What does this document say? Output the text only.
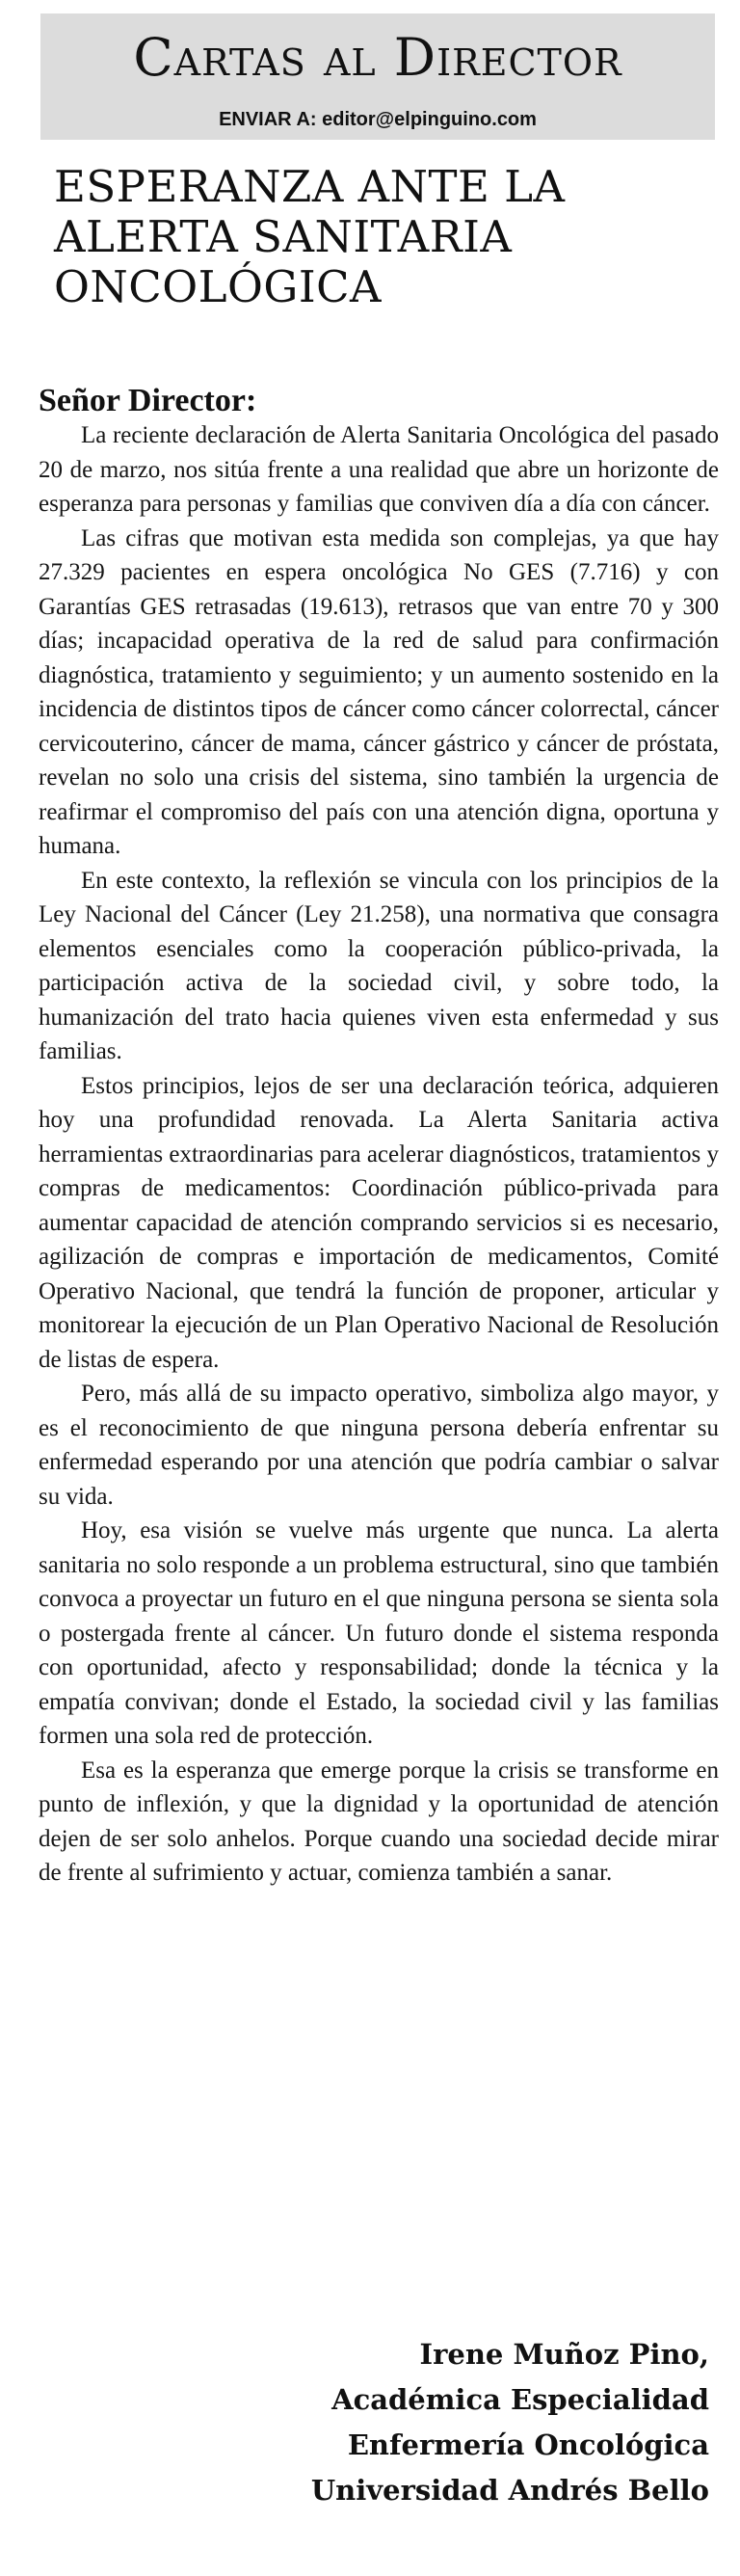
Cartas al Director
ENVIAR A: editor@elpinguino.com
ESPERANZA ANTE LA
ALERTA SANITARIA
ONCOLÓGICA
Señor Director:

La reciente declaración de Alerta Sanitaria Oncológica del pasado 20 de marzo, nos sitúa frente a una realidad que abre un horizonte de esperanza para personas y familias que conviven día a día con cáncer.

Las cifras que motivan esta medida son complejas, ya que hay 27.329 pacientes en espera oncológica No GES (7.716) y con Garantías GES retrasadas (19.613), retrasos que van entre 70 y 300 días; incapacidad operativa de la red de salud para confirmación diagnóstica, tratamiento y seguimiento; y un aumento sostenido en la incidencia de distintos tipos de cáncer como cáncer colorrectal, cáncer cervicouterino, cáncer de mama, cáncer gástrico y cáncer de próstata, revelan no solo una crisis del sistema, sino también la urgencia de reafirmar el compromiso del país con una atención digna, oportuna y humana.

En este contexto, la reflexión se vincula con los principios de la Ley Nacional del Cáncer (Ley 21.258), una normativa que consagra elementos esenciales como la cooperación público-privada, la participación activa de la sociedad civil, y sobre todo, la humanización del trato hacia quienes viven esta enfermedad y sus familias.

Estos principios, lejos de ser una declaración teórica, adquieren hoy una profundidad renovada. La Alerta Sanitaria activa herramientas extraordinarias para acelerar diagnósticos, tratamientos y compras de medicamentos: Coordinación público-privada para aumentar capacidad de atención comprando servicios si es necesario, agilización de compras e importación de medicamentos, Comité Operativo Nacional, que tendrá la función de proponer, articular y monitorear la ejecución de un Plan Operativo Nacional de Resolución de listas de espera.

Pero, más allá de su impacto operativo, simboliza algo mayor, y es el reconocimiento de que ninguna persona debería enfrentar su enfermedad esperando por una atención que podría cambiar o salvar su vida.

Hoy, esa visión se vuelve más urgente que nunca. La alerta sanitaria no solo responde a un problema estructural, sino que también convoca a proyectar un futuro en el que ninguna persona se sienta sola o postergada frente al cáncer. Un futuro donde el sistema responda con oportunidad, afecto y responsabilidad; donde la técnica y la empatía convivan; donde el Estado, la sociedad civil y las familias formen una sola red de protección.

Esa es la esperanza que emerge porque la crisis se transforme en punto de inflexión, y que la dignidad y la oportunidad de atención dejen de ser solo anhelos. Porque cuando una sociedad decide mirar de frente al sufrimiento y actuar, comienza también a sanar.

Irene Muñoz Pino,
Académica Especialidad
Enfermería Oncológica
Universidad Andrés Bello
